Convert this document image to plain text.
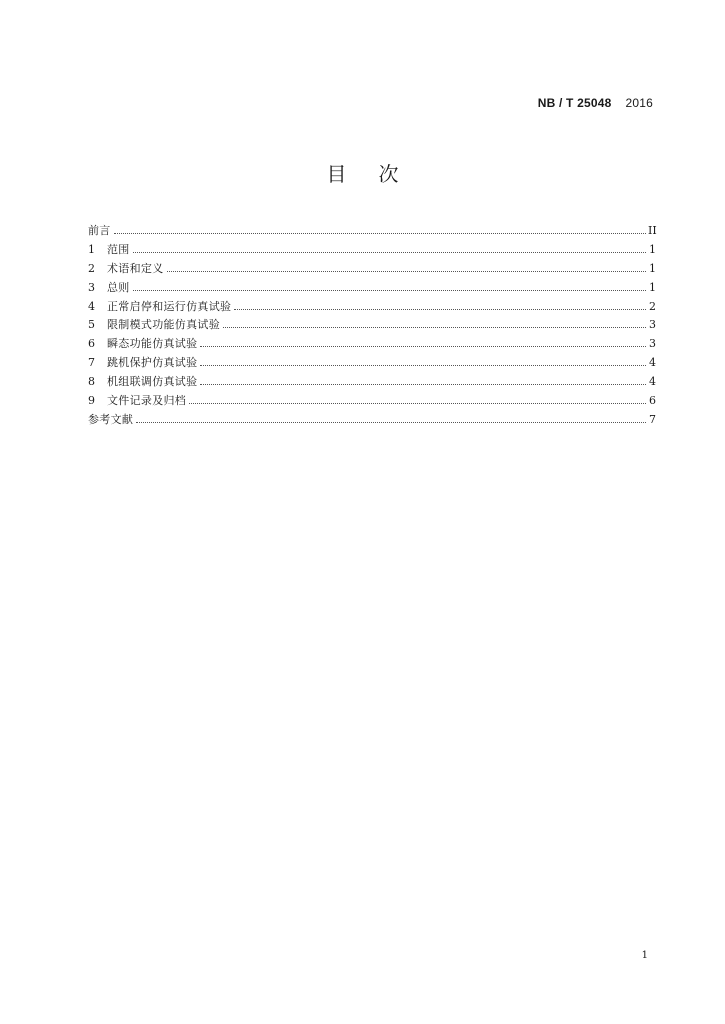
NB / T 25048 2016
目次
前言	II
1	范围	1
2	术语和定义	1
3	总则	1
4	正常启停和运行仿真试验	2
5	限制模式功能仿真试验	3
6	瞬态功能仿真试验	3
7	跳机保护仿真试验	4
8	机组联调仿真试验	4
9	文件记录及归档	6
参考文献	7
1
